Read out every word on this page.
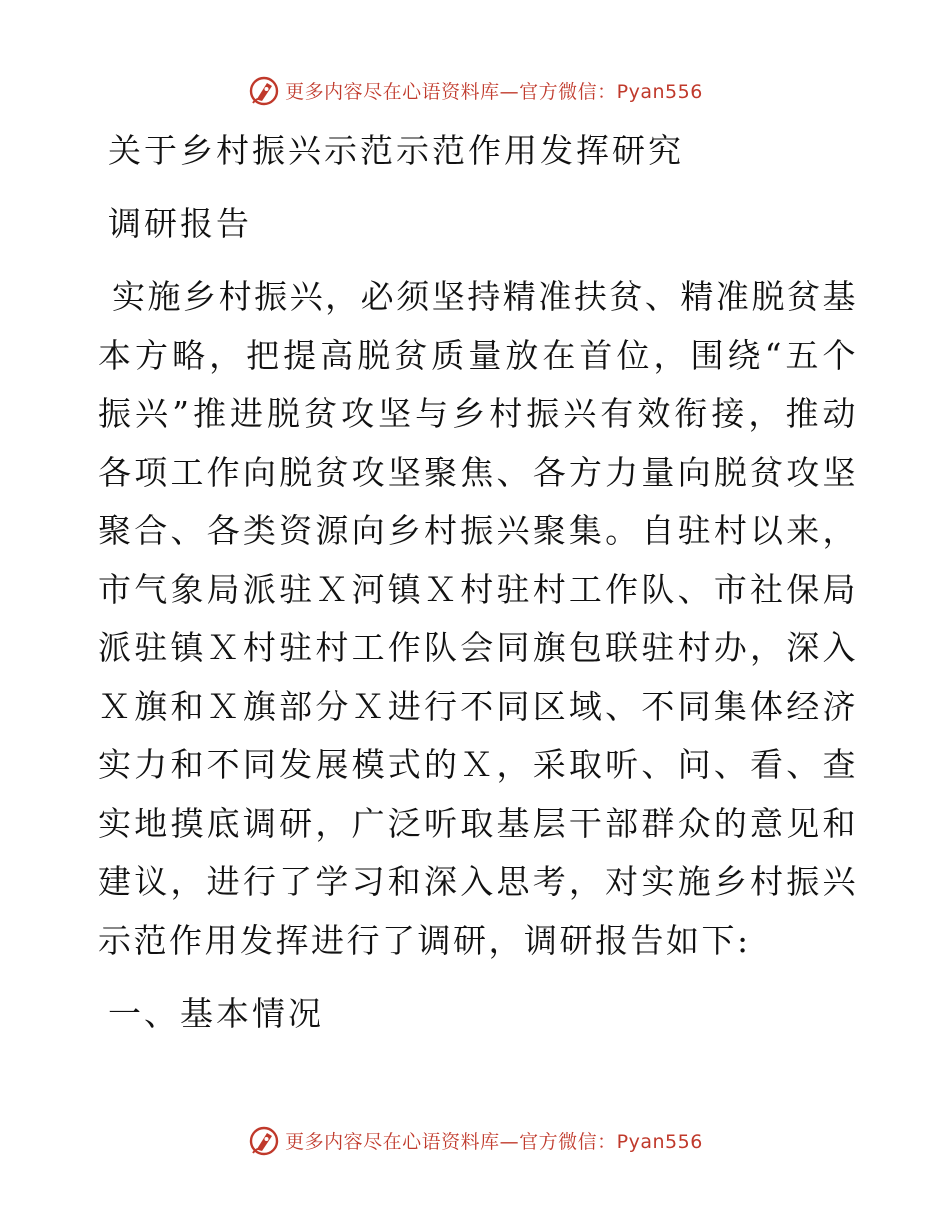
更多内容尽在心语资料库—官方微信：Pyan556
关于乡村振兴示范示范作用发挥研究
调研报告
实施乡村振兴，必须坚持精准扶贫、精准脱贫基本方略，把提高脱贫质量放在首位，围绕“五个振兴”推进脱贫攻坚与乡村振兴有效衔接，推动各项工作向脱贫攻坚聚焦、各方力量向脱贫攻坚聚合、各类资源向乡村振兴聚集。自驻村以来，市气象局派驻Ｘ河镇Ｘ村驻村工作队、市社保局派驻镇Ｘ村驻村工作队会同旗包联驻村办，深入Ｘ旗和Ｘ旗部分Ｘ进行不同区域、不同集体经济实力和不同发展模式的Ｘ，采取听、问、看、查实地摸底调研，广泛听取基层干部群众的意见和建议，进行了学习和深入思考，对实施乡村振兴示范作用发挥进行了调研，调研报告如下:
一、基本情况
更多内容尽在心语资料库—官方微信：Pyan556
